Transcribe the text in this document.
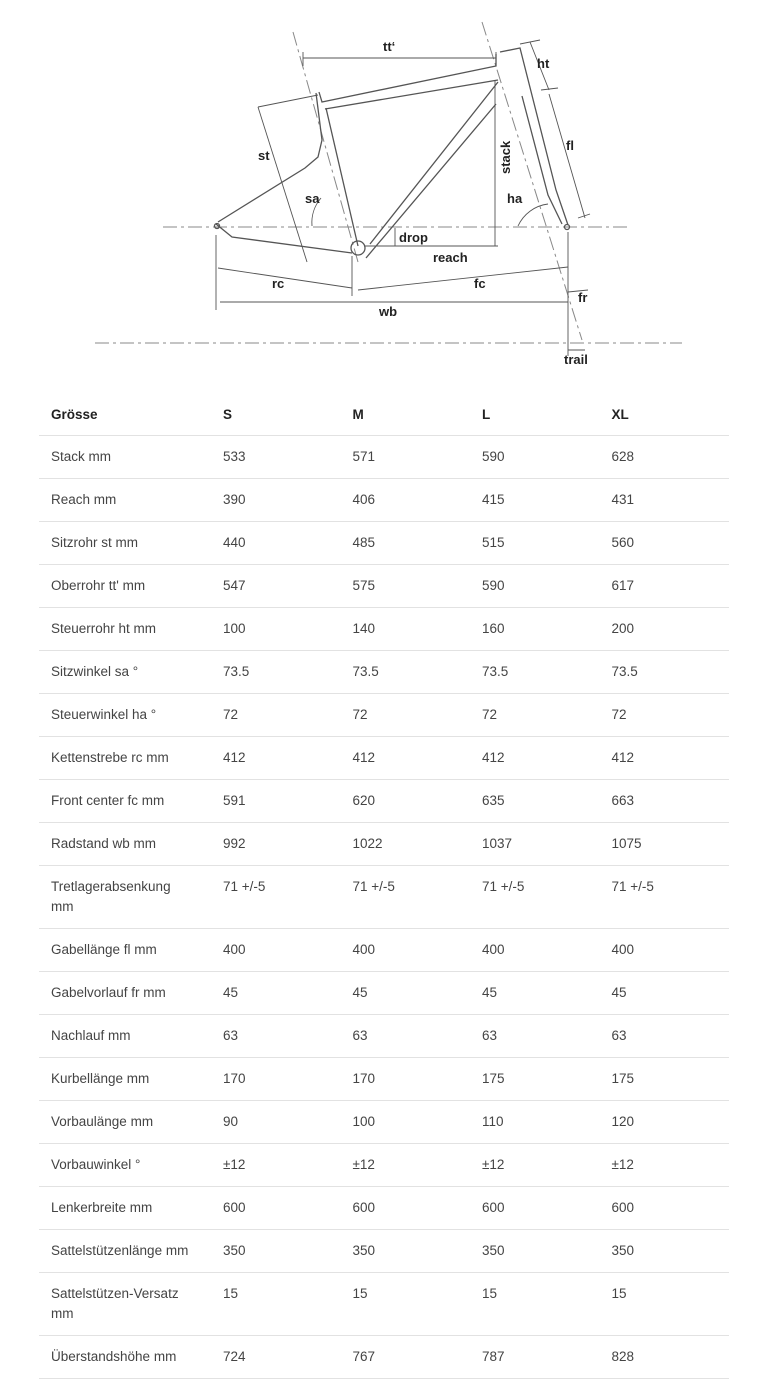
tt‘
ht
st
fl
stack
sa	ha
drop
reach
rc	fc
fr
wb
trail
Grösse	S	M	L	XL
Stack mm	533	571	590	628
Reach mm	390	406	415	431
Sitzrohr st mm	440	485	515	560
Oberrohr tt' mm	547	575	590	617
Steuerrohr ht mm	100	140	160	200
Sitzwinkel sa °	73.5	73.5	73.5	73.5
Steuerwinkel ha °	72	72	72	72
Kettenstrebe rc mm	412	412	412	412
Front center fc mm	591	620	635	663
Radstand wb mm	992	1022	1037	1075
Tretlagerabsenkung mm	71 +/-5	71 +/-5	71 +/-5	71 +/-5
Gabellänge fl mm	400	400	400	400
Gabelvorlauf fr mm	45	45	45	45
Nachlauf mm	63	63	63	63
Kurbellänge mm	170	170	175	175
Vorbaulänge mm	90	100	110	120
Vorbauwinkel °	±12	±12	±12	±12
Lenkerbreite mm	600	600	600	600
Sattelstützenlänge mm	350	350	350	350
Sattelstützen-Versatz mm	15	15	15	15
Überstandshöhe mm	724	767	787	828
